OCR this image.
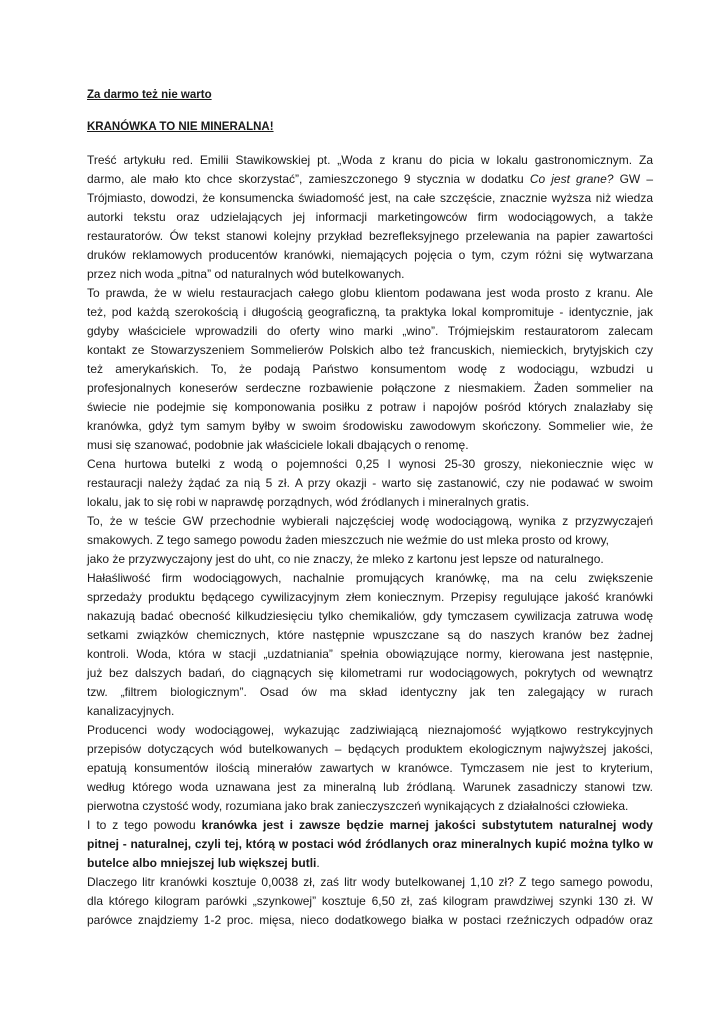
Za darmo też nie warto

KRANÓWKA TO NIE MINERALNA!

Treść artykułu red. Emilii Stawikowskiej pt. „Woda z kranu do picia w lokalu gastronomicznym. Za
darmo, ale mało kto chce skorzystać”, zamieszczonego 9 stycznia w dodatku Co jest grane? GW –
Trójmiasto, dowodzi, że konsumencka świadomość jest, na całe szczęście, znacznie wyższa niż wiedza
autorki tekstu oraz udzielających jej informacji marketingowców firm wodociągowych, a także
restauratorów. Ów tekst stanowi kolejny przykład bezrefleksyjnego przelewania na papier zawartości
druków reklamowych producentów kranówki, niemających pojęcia o tym, czym różni się wytwarzana
przez nich woda „pitna” od naturalnych wód butelkowanych.
To prawda, że w wielu restauracjach całego globu klientom podawana jest woda prosto z kranu. Ale
też, pod każdą szerokością i długością geograficzną, ta praktyka lokal kompromituje - identycznie, jak
gdyby właściciele wprowadzili do oferty wino marki „wino”. Trójmiejskim restauratorom zalecam
kontakt ze Stowarzyszeniem Sommelierów Polskich albo też francuskich, niemieckich, brytyjskich czy
też amerykańskich. To, że podają Państwo konsumentom wodę z wodociągu, wzbudzi u
profesjonalnych koneserów serdeczne rozbawienie połączone z niesmakiem. Żaden sommelier na
świecie nie podejmie się komponowania posiłku z potraw i napojów pośród których znalazłaby się
kranówka, gdyż tym samym byłby w swoim środowisku zawodowym skończony. Sommelier wie, że
musi się szanować, podobnie jak właściciele lokali dbających o renomę.
Cena hurtowa butelki z wodą o pojemności 0,25 l wynosi 25-30 groszy, niekoniecznie więc w
restauracji należy żądać za nią 5 zł. A przy okazji - warto się zastanowić, czy nie podawać w swoim
lokalu, jak to się robi w naprawdę porządnych, wód źródlanych i mineralnych gratis.
To, że w teście GW przechodnie wybierali najczęściej wodę wodociągową, wynika z przyzwyczajeń
smakowych. Z tego samego powodu żaden mieszczuch nie weźmie do ust mleka prosto od krowy,
jako że przyzwyczajony jest do uht, co nie znaczy, że mleko z kartonu jest lepsze od naturalnego.
Hałaśliwość firm wodociągowych, nachalnie promujących kranówkę, ma na celu zwiększenie
sprzedaży produktu będącego cywilizacyjnym złem koniecznym. Przepisy regulujące jakość kranówki
nakazują badać obecność kilkudziesięciu tylko chemikaliów, gdy tymczasem cywilizacja zatruwa wodę
setkami związków chemicznych, które następnie wpuszczane są do naszych kranów bez żadnej
kontroli. Woda, która w stacji „uzdatniania” spełnia obowiązujące normy, kierowana jest następnie,
już bez dalszych badań, do ciągnących się kilometrami rur wodociągowych, pokrytych od wewnątrz
tzw. „filtrem biologicznym”. Osad ów ma skład identyczny jak ten zalegający w rurach
kanalizacyjnych.
Producenci wody wodociągowej, wykazując zadziwiającą nieznajomość wyjątkowo restrykcyjnych
przepisów dotyczących wód butelkowanych – będących produktem ekologicznym najwyższej jakości,
epatują konsumentów ilością minerałów zawartych w kranówce. Tymczasem nie jest to kryterium,
według którego woda uznawana jest za mineralną lub źródlaną. Warunek zasadniczy stanowi tzw.
pierwotna czystość wody, rozumiana jako brak zanieczyszczeń wynikających z działalności człowieka.
I to z tego powodu kranówka jest i zawsze będzie marnej jakości substytutem naturalnej wody
pitnej - naturalnej, czyli tej, którą w postaci wód źródlanych oraz mineralnych kupić można tylko w
butelce albo mniejszej lub większej butli.
Dlaczego litr kranówki kosztuje 0,0038 zł, zaś litr wody butelkowanej 1,10 zł? Z tego samego powodu,
dla którego kilogram parówki „szynkowej” kosztuje 6,50 zł, zaś kilogram prawdziwej szynki 130 zł. W
parówce znajdziemy 1-2 proc. mięsa, nieco dodatkowego białka w postaci rzeźniczych odpadów oraz
